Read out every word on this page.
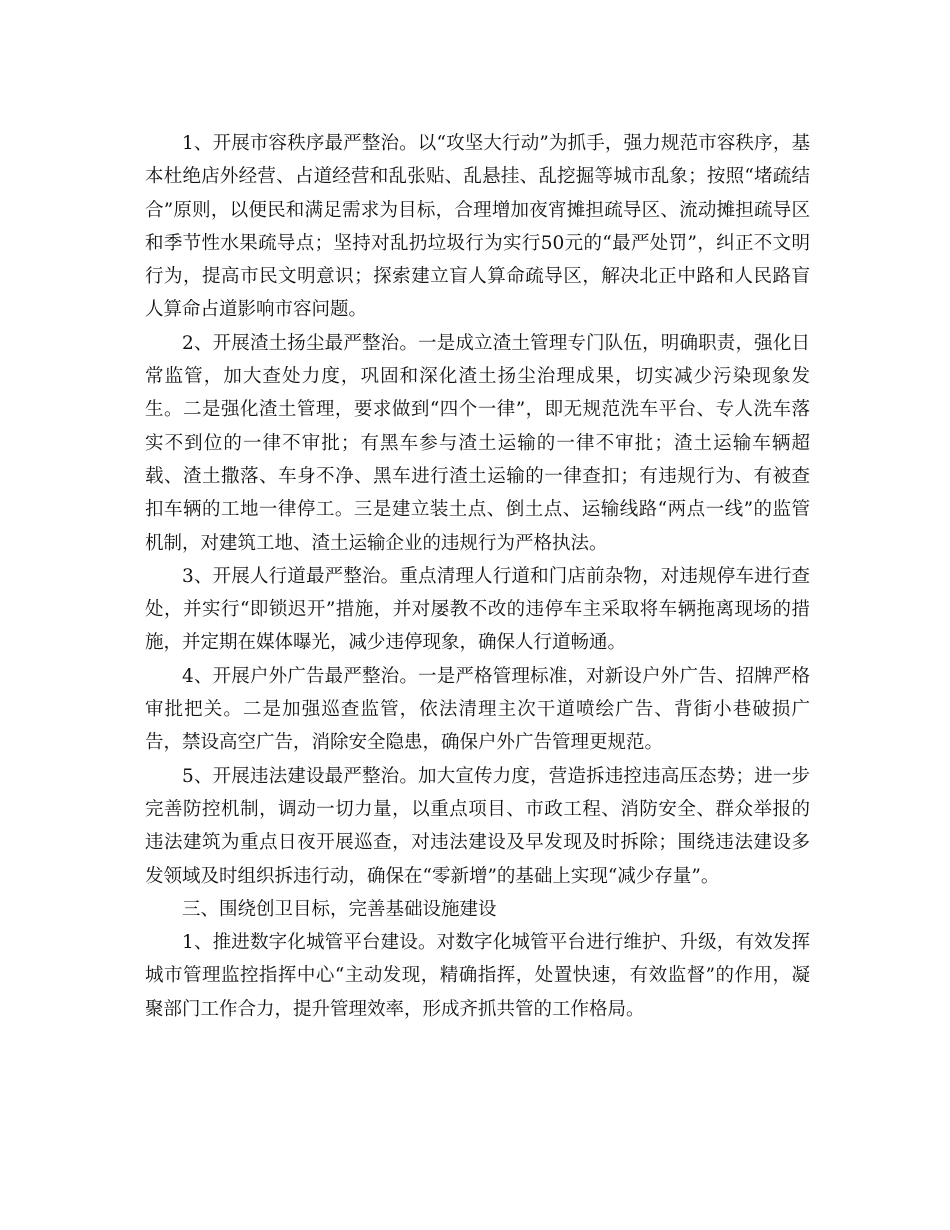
1、开展市容秩序最严整治。以“攻坚大行动”为抓手，强力规范市容秩序，基本杜绝店外经营、占道经营和乱张贴、乱悬挂、乱挖掘等城市乱象；按照“堵疏结合”原则，以便民和满足需求为目标，合理增加夜宵摊担疏导区、流动摊担疏导区和季节性水果疏导点；坚持对乱扔垃圾行为实行50元的“最严处罚”，纠正不文明行为，提高市民文明意识；探索建立盲人算命疏导区，解决北正中路和人民路盲人算命占道影响市容问题。

2、开展渣土扬尘最严整治。一是成立渣土管理专门队伍，明确职责，强化日常监管，加大查处力度，巩固和深化渣土扬尘治理成果，切实减少污染现象发生。二是强化渣土管理，要求做到“四个一律”，即无规范洗车平台、专人洗车落实不到位的一律不审批；有黑车参与渣土运输的一律不审批；渣土运输车辆超载、渣土撒落、车身不净、黑车进行渣土运输的一律查扣；有违规行为、有被查扣车辆的工地一律停工。三是建立装土点、倒土点、运输线路“两点一线”的监管机制，对建筑工地、渣土运输企业的违规行为严格执法。

3、开展人行道最严整治。重点清理人行道和门店前杂物，对违规停车进行查处，并实行“即锁迟开”措施，并对屡教不改的违停车主采取将车辆拖离现场的措施，并定期在媒体曝光，减少违停现象，确保人行道畅通。

4、开展户外广告最严整治。一是严格管理标准，对新设户外广告、招牌严格审批把关。二是加强巡查监管，依法清理主次干道喷绘广告、背街小巷破损广告，禁设高空广告，消除安全隐患，确保户外广告管理更规范。

5、开展违法建设最严整治。加大宣传力度，营造拆违控违高压态势；进一步完善防控机制，调动一切力量，以重点项目、市政工程、消防安全、群众举报的违法建筑为重点日夜开展巡查，对违法建设及早发现及时拆除；围绕违法建设多发领域及时组织拆违行动，确保在“零新增”的基础上实现“减少存量”。

三、围绕创卫目标，完善基础设施建设

1、推进数字化城管平台建设。对数字化城管平台进行维护、升级，有效发挥城市管理监控指挥中心“主动发现，精确指挥，处置快速，有效监督”的作用，凝聚部门工作合力，提升管理效率，形成齐抓共管的工作格局。
